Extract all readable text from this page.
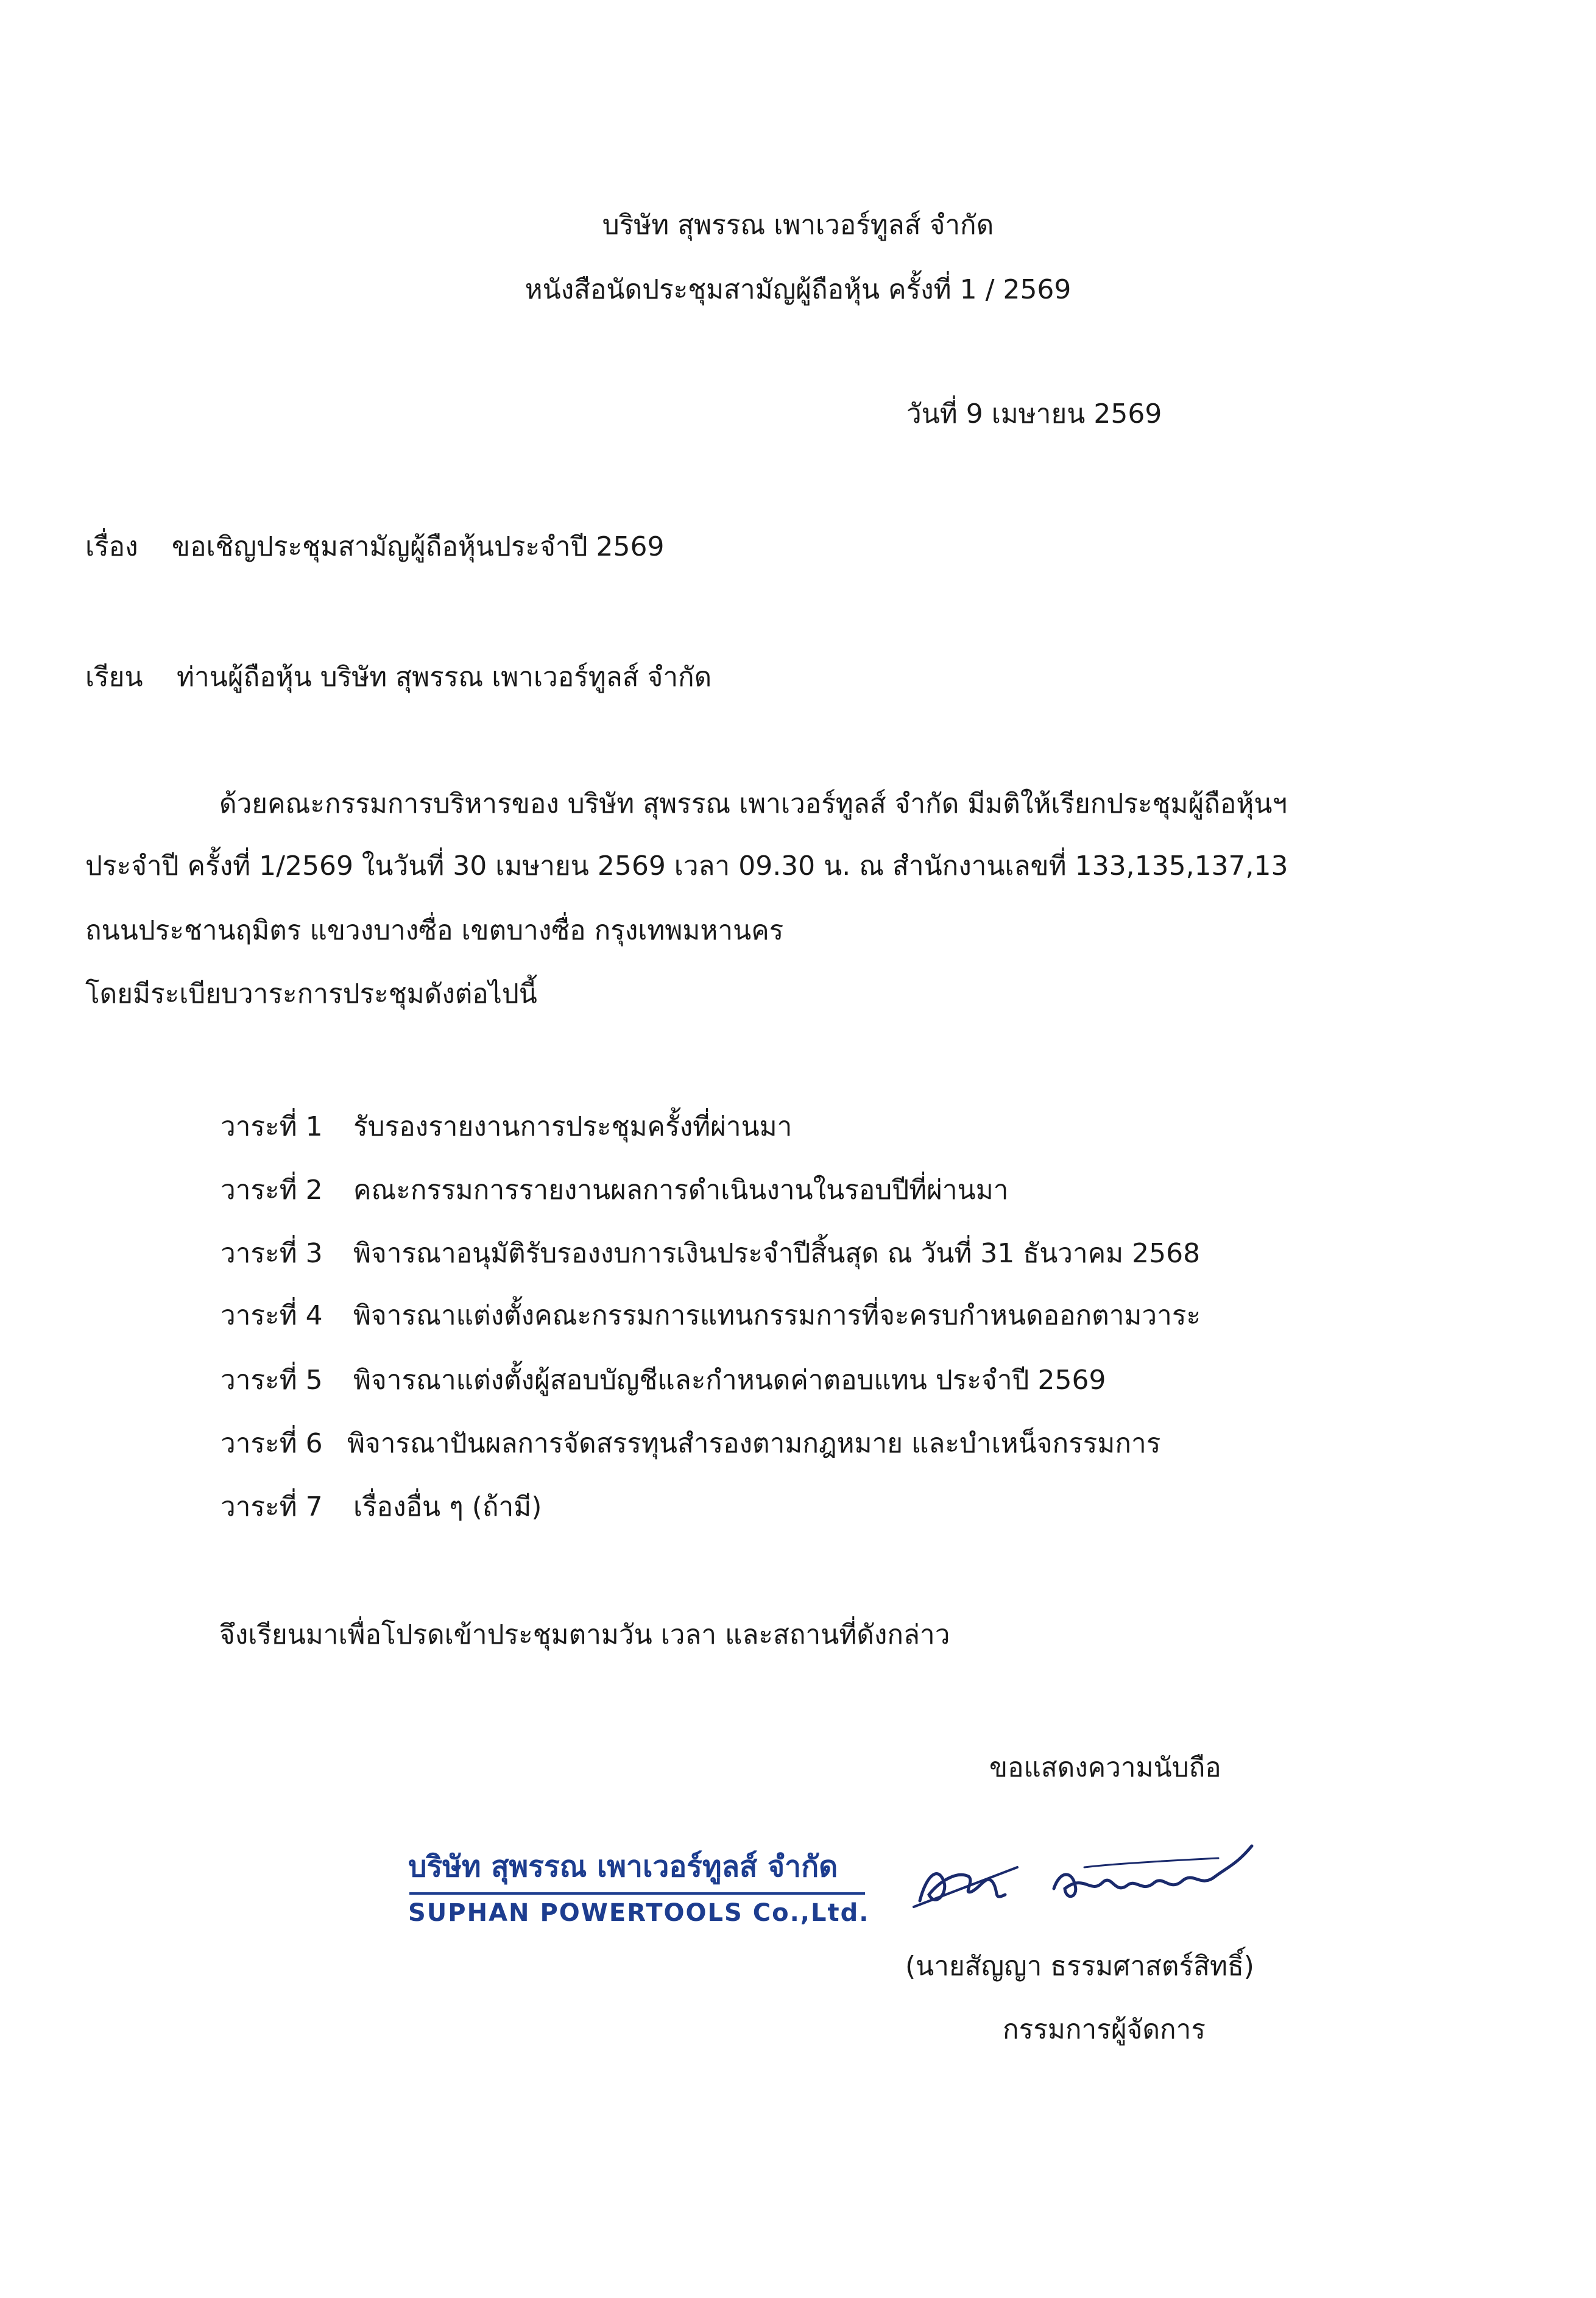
บริษัท สุพรรณ เพาเวอร์ทูลส์ จำกัด
หนังสือนัดประชุมสามัญผู้ถือหุ้น ครั้งที่ 1 / 2569
วันที่ 9 เมษายน 2569
เรื่อง ขอเชิญประชุมสามัญผู้ถือหุ้นประจำปี 2569
เรียน ท่านผู้ถือหุ้น บริษัท สุพรรณ เพาเวอร์ทูลส์ จำกัด
ด้วยคณะกรรมการบริหารของ บริษัท สุพรรณ เพาเวอร์ทูลส์ จำกัด มีมติให้เรียกประชุมผู้ถือหุ้นฯ
ประจำปี ครั้งที่ 1/2569 ในวันที่ 30 เมษายน 2569 เวลา 09.30 น. ณ สำนักงานเลขที่ 133,135,137,13
ถนนประชานฤมิตร แขวงบางซื่อ เขตบางซื่อ กรุงเทพมหานคร
โดยมีระเบียบวาระการประชุมดังต่อไปนี้
วาระที่ 1 รับรองรายงานการประชุมครั้งที่ผ่านมา
วาระที่ 2 คณะกรรมการรายงานผลการดำเนินงานในรอบปีที่ผ่านมา
วาระที่ 3 พิจารณาอนุมัติรับรองงบการเงินประจำปีสิ้นสุด ณ วันที่ 31 ธันวาคม 2568
วาระที่ 4 พิจารณาแต่งตั้งคณะกรรมการแทนกรรมการที่จะครบกำหนดออกตามวาระ
วาระที่ 5 พิจารณาแต่งตั้งผู้สอบบัญชีและกำหนดค่าตอบแทน ประจำปี 2569
วาระที่ 6 พิจารณาปันผลการจัดสรรทุนสำรองตามกฎหมาย และบำเหน็จกรรมการ
วาระที่ 7 เรื่องอื่น ๆ (ถ้ามี)
จึงเรียนมาเพื่อโปรดเข้าประชุมตามวัน เวลา และสถานที่ดังกล่าว
ขอแสดงความนับถือ
บริษัท สุพรรณ เพาเวอร์ทูลส์ จำกัด
SUPHAN POWERTOOLS Co.,Ltd.
(นายสัญญา ธรรมศาสตร์สิทธิ์)
กรรมการผู้จัดการ
